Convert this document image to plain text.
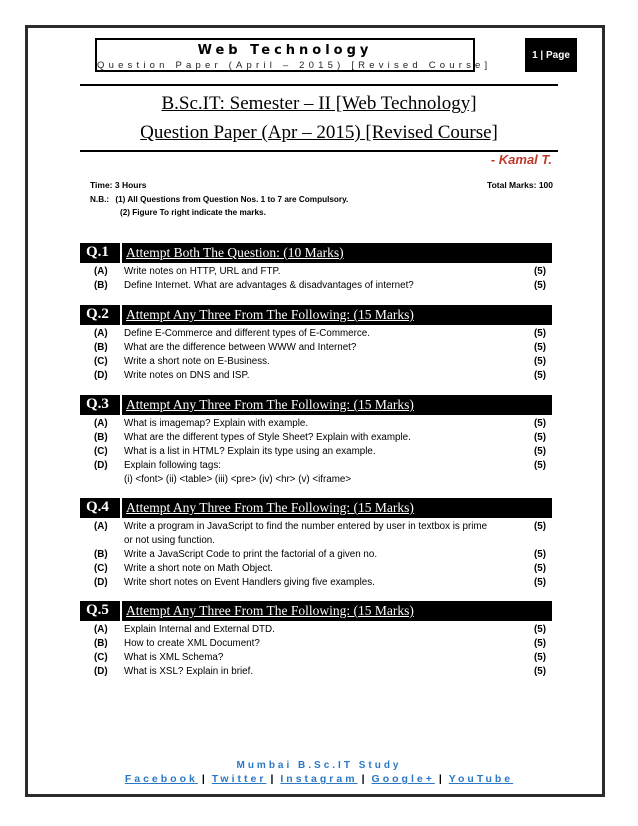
Web Technology
Question Paper (April – 2015) [Revised Course]
1 | Page
B.Sc.IT: Semester – II [Web Technology]
Question Paper (Apr – 2015) [Revised Course]
- Kamal T.
Time: 3 Hours	Total Marks: 100
N.B.: (1) All Questions from Question Nos. 1 to 7 are Compulsory.
(2) Figure To right indicate the marks.
Q.1 Attempt Both The Question: (10 Marks)
(A) Write notes on HTTP, URL and FTP.	(5)
(B) Define Internet. What are advantages & disadvantages of internet?	(5)
Q.2 Attempt Any Three From The Following: (15 Marks)
(A) Define E-Commerce and different types of E-Commerce.	(5)
(B) What are the difference between WWW and Internet?	(5)
(C) Write a short note on E-Business.	(5)
(D) Write notes on DNS and ISP.	(5)
Q.3 Attempt Any Three From The Following: (15 Marks)
(A) What is imagemap? Explain with example.	(5)
(B) What are the different types of Style Sheet? Explain with example.	(5)
(C) What is a list in HTML? Explain its type using an example.	(5)
(D) Explain following tags:
(i) <font> (ii) <table> (iii) <pre> (iv) <hr> (v) <iframe>
(5)
Q.4 Attempt Any Three From The Following: (15 Marks)
(A) Write a program in JavaScript to find the number entered by user in textbox is prime
or not using function.
(5)
(B) Write a JavaScript Code to print the factorial of a given no.	(5)
(C) Write a short note on Math Object.	(5)
(D) Write short notes on Event Handlers giving five examples.	(5)
Q.5 Attempt Any Three From The Following: (15 Marks)
(A) Explain Internal and External DTD.	(5)
(B) How to create XML Document?	(5)
(C) What is XML Schema?	(5)
(D) What is XSL? Explain in brief.	(5)
Mumbai B.Sc.IT Study
Facebook | Twitter | Instagram | Google+ | YouTube
